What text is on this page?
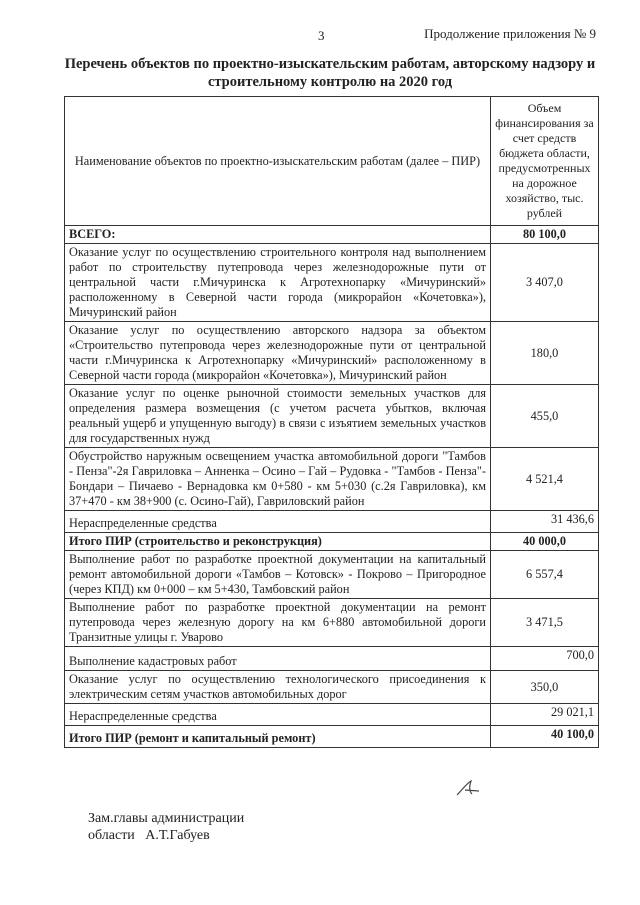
3	Продолжение приложения № 9
Перечень объектов по проектно-изыскательским работам, авторскому надзору и строительному контролю на 2020 год
Наименование объектов по проектно-изыскательским работам (далее – ПИР)	Объем финансирования за счет средств бюджета области, предусмотренных на дорожное хозяйство, тыс. рублей
ВСЕГО:	80 100,0
Оказание услуг по осуществлению строительного контроля над выполнением работ по строительству путепровода через железнодорожные пути от центральной части г.Мичуринска к Агротехнопарку «Мичуринский» расположенному в Северной части города (микрорайон «Кочетовка»), Мичуринский район	3 407,0
Оказание услуг по осуществлению авторского надзора за объектом «Строительство путепровода через железнодорожные пути от центральной части г.Мичуринска к Агротехнопарку «Мичуринский» расположенному в Северной части города (микрорайон «Кочетовка»), Мичуринский район	180,0
Оказание услуг по оценке рыночной стоимости земельных участков для определения размера возмещения (с учетом расчета убытков, включая реальный ущерб и упущенную выгоду) в связи с изъятием земельных участков для государственных нужд	455,0
Обустройство наружным освещением участка автомобильной дороги "Тамбов - Пенза"-2я Гавриловка – Анненка – Осино – Гай – Рудовка - "Тамбов - Пенза"- Бондари – Пичаево - Вернадовка км 0+580 - км 5+030 (с.2я Гавриловка), км 37+470 - км 38+900 (с. Осино-Гай), Гавриловский район	4 521,4
Нераспределенные средства	31 436,6
Итого ПИР (строительство и реконструкция)	40 000,0
Выполнение работ по разработке проектной документации на капитальный ремонт автомобильной дороги «Тамбов – Котовск» - Покрово – Пригородное (через КПД) км 0+000 – км 5+430, Тамбовский район	6 557,4
Выполнение работ по разработке проектной документации на ремонт путепровода через железную дорогу на км 6+880 автомобильной дороги Транзитные улицы г. Уварово	3 471,5
Выполнение кадастровых работ	700,0
Оказание услуг по осуществлению технологического присоединения к электрическим сетям участков автомобильных дорог	350,0
Нераспределенные средства	29 021,1
Итого ПИР (ремонт и капитальный ремонт)	40 100,0
Зам.главы администрации
области   А.Т.Габуев
